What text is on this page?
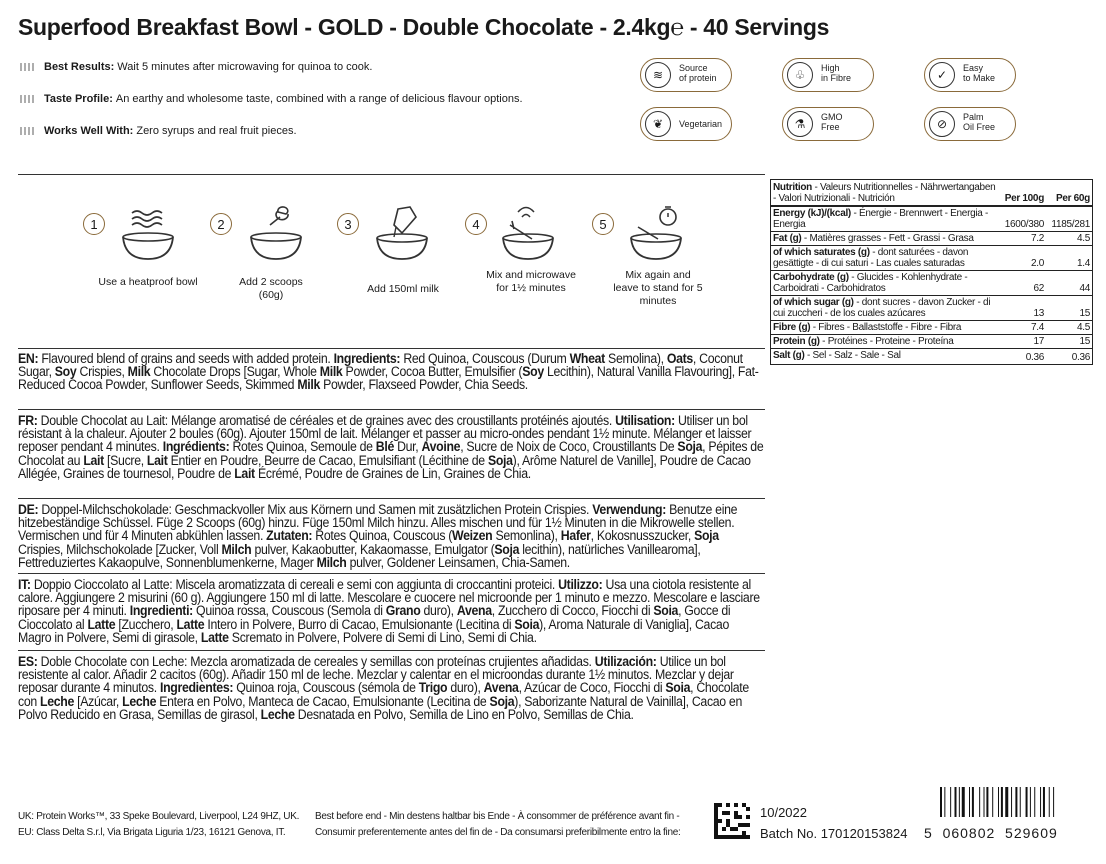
Superfood Breakfast Bowl - GOLD - Double Chocolate - 2.4kg℮ - 40 Servings
Best Results: Wait 5 minutes after microwaving for quinoa to cook.
Taste Profile: An earthy and wholesome taste, combined with a range of delicious flavour options.
Works Well With: Zero syrups and real fruit pieces.
≋	Source
of protein	♧	High
in Fibre	✓	Easy
to Make
❦	Vegetarian	⚗	GMO
Free	⊘	Palm
Oil Free
1	2	3	4	5
Use a heatproof bowl	Add 2 scoops (60g)	Add 150ml milk
Mix and microwave for 1½ minutes
Mix again and leave to stand for 5 minutes
Nutrition - Valeurs Nutritionnelles - Nährwertangaben - Valori Nutrizionali - Nutrición	Per 100g	Per 60g
Energy (kJ)/(kcal) - Énergie - Brennwert - Energia - Energia	1600/380	1185/281
Fat (g) - Matières grasses - Fett - Grassi - Grasa	7.2	4.5
of which saturates (g) - dont saturées - davon gesättigte - di cui saturi - Las cuales saturadas	2.0	1.4
Carbohydrate (g) - Glucides - Kohlenhydrate - Carboidrati - Carbohidratos	62	44
of which sugar (g) - dont sucres - davon Zucker - di cui zuccheri - de los cuales azúcares	13	15
Fibre (g) - Fibres - Ballaststoffe - Fibre - Fibra	7.4	4.5
Protein (g) - Protéines - Proteine - Proteína	17	15
Salt (g) - Sel - Salz - Sale - Sal	0.36	0.36
EN: Flavoured blend of grains and seeds with added protein. Ingredients: Red Quinoa, Couscous (Durum Wheat Semolina), Oats, Coconut Sugar, Soy Crispies, Milk Chocolate Drops [Sugar, Whole Milk Powder, Cocoa Butter, Emulsifier (Soy Lecithin), Natural Vanilla Flavouring], Fat-Reduced Cocoa Powder, Sunflower Seeds, Skimmed Milk Powder, Flaxseed Powder, Chia Seeds.
FR: Double Chocolat au Lait: Mélange aromatisé de céréales et de graines avec des croustillants protéinés ajoutés. Utilisation: Utiliser un bol résistant à la chaleur. Ajouter 2 boules (60g). Ajouter 150ml de lait. Mélanger et passer au micro-ondes pendant 1½ minute. Mélanger et laisser reposer pendant 4 minutes. Ingrédients: Rotes Quinoa, Semoule de Blé Dur, Avoine, Sucre de Noix de Coco, Croustillants De Soja, Pépites de Chocolat au Lait [Sucre, Lait Entier en Poudre, Beurre de Cacao, Emulsifiant (Lécithine de Soja), Arôme Naturel de Vanille], Poudre de Cacao Allégée, Graines de tournesol, Poudre de Lait Écrémé, Poudre de Graines de Lin, Graines de Chia.
DE: Doppel-Milchschokolade: Geschmackvoller Mix aus Körnern und Samen mit zusätzlichen Protein Crispies. Verwendung: Benutze eine hitzebeständige Schüssel. Füge 2 Scoops (60g) hinzu. Füge 150ml Milch hinzu. Alles mischen und für 1½ Minuten in die Mikrowelle stellen. Vermischen und für 4 Minuten abkühlen lassen. Zutaten: Rotes Quinoa, Couscous (Weizen Semonlina), Hafer, Kokosnusszucker, Soja Crispies, Milchschokolade [Zucker, Voll Milch pulver, Kakaobutter, Kakaomasse, Emulgator (Soja lecithin), natürliches Vanillearoma], Fettreduziertes Kakaopulve, Sonnenblumenkerne, Mager Milch pulver, Goldener Leinsamen, Chia-Samen.
IT: Doppio Cioccolato al Latte: Miscela aromatizzata di cereali e semi con aggiunta di croccantini proteici. Utilizzo: Usa una ciotola resistente al calore. Aggiungere 2 misurini (60 g). Aggiungere 150 ml di latte. Mescolare e cuocere nel microonde per 1 minuto e mezzo. Mescolare e lasciare riposare per 4 minuti. Ingredienti: Quinoa rossa, Couscous (Semola di Grano duro), Avena, Zucchero di Cocco, Fiocchi di Soia, Gocce di Cioccolato al Latte [Zucchero, Latte Intero in Polvere, Burro di Cacao, Emulsionante (Lecitina di Soia), Aroma Naturale di Vaniglia], Cacao Magro in Polvere, Semi di girasole, Latte Scremato in Polvere, Polvere di Semi di Lino, Semi di Chia.
ES: Doble Chocolate con Leche: Mezcla aromatizada de cereales y semillas con proteínas crujientes añadidas. Utilización: Utilice un bol resistente al calor. Añadir 2 cacitos (60g). Añadir 150 ml de leche. Mezclar y calentar en el microondas durante 1½ minutos. Mezclar y dejar reposar durante 4 minutos. Ingredientes: Quinoa roja, Couscous (sémola de Trigo duro), Avena, Azúcar de Coco, Fiocchi di Soia, Chocolate con Leche [Azúcar, Leche Entera en Polvo, Manteca de Cacao, Emulsionante (Lecitina de Soja), Saborizante Natural de Vainilla], Cacao en Polvo Reducido en Grasa, Semillas de girasol, Leche Desnatada en Polvo, Semilla de Lino en Polvo, Semillas de Chia.
UK: Protein Works™, 33 Speke Boulevard, Liverpool, L24 9HZ, UK.
EU: Class Delta S.r.l, Via Brigata Liguria 1/23, 16121 Genova, IT.
Best before end - Min destens haltbar bis Ende - À consommer de préférence avant fin -
Consumir preferentemente antes del fin de - Da consumarsi preferibilmente entro la fine:
10/2022
Batch No. 170120153824 5  060802  529609
